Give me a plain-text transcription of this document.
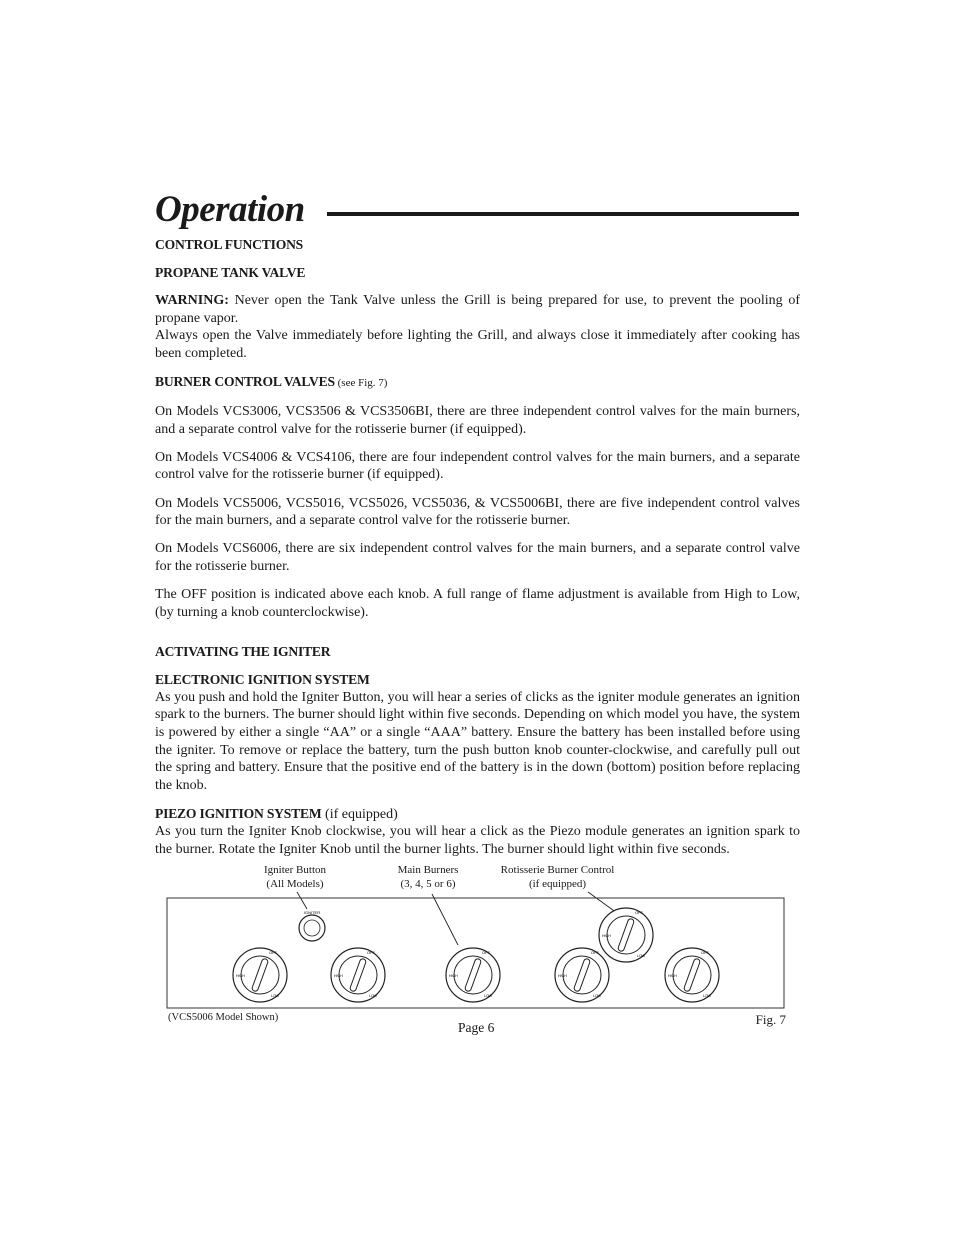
Operation

CONTROL FUNCTIONS

PROPANE TANK VALVE

WARNING: Never open the Tank Valve unless the Grill is being prepared for use, to prevent the pooling of propane vapor.

Always open the Valve immediately before lighting the Grill, and always close it immediately after cooking has been completed.

BURNER CONTROL VALVES (see Fig. 7)

On Models VCS3006, VCS3506 & VCS3506BI, there are three independent control valves for the main burners, and a separate control valve for the rotisserie burner (if equipped).

On Models VCS4006 & VCS4106, there are four independent control valves for the main burners, and a separate control valve for the rotisserie burner (if equipped).

On Models VCS5006, VCS5016, VCS5026, VCS5036, & VCS5006BI, there are five independent control valves for the main burners, and a separate control valve for the rotisserie burner.

On Models VCS6006, there are six independent control valves for the main burners, and a separate control valve for the rotisserie burner.

The OFF position is indicated above each knob. A full range of flame adjustment is available from High to Low, (by turning a knob counterclockwise).

ACTIVATING THE IGNITER

ELECTRONIC IGNITION SYSTEM

As you push and hold the Igniter Button, you will hear a series of clicks as the igniter module generates an ignition spark to the burners. The burner should light within five seconds. Depending on which model you have, the system is powered by either a single “AA” or a single “AAA” battery. Ensure the battery has been installed before using the igniter. To remove or replace the battery, turn the push button knob counter-clockwise, and carefully pull out the spring and battery. Ensure that the positive end of the battery is in the down (bottom) position before replacing the knob.

PIEZO IGNITION SYSTEM (if equipped)

As you turn the Igniter Knob clockwise, you will hear a click as the Piezo module generates an ignition spark to the burner. Rotate the Igniter Knob until the burner lights. The burner should light within five seconds.

Igniter Button
(All Models)
Main Burners
(3, 4, 5 or 6)
Rotisserie Burner Control
(if equipped)
IGNITER
OFF
HIGH
LOW
OFF
HIGH
LOW
OFF
HIGH
LOW
OFF
HIGH
LOW
OFF
HIGH
LOW
OFF
HIGH
LOW
(VCS5006 Model Shown)	Fig. 7
Page 6
